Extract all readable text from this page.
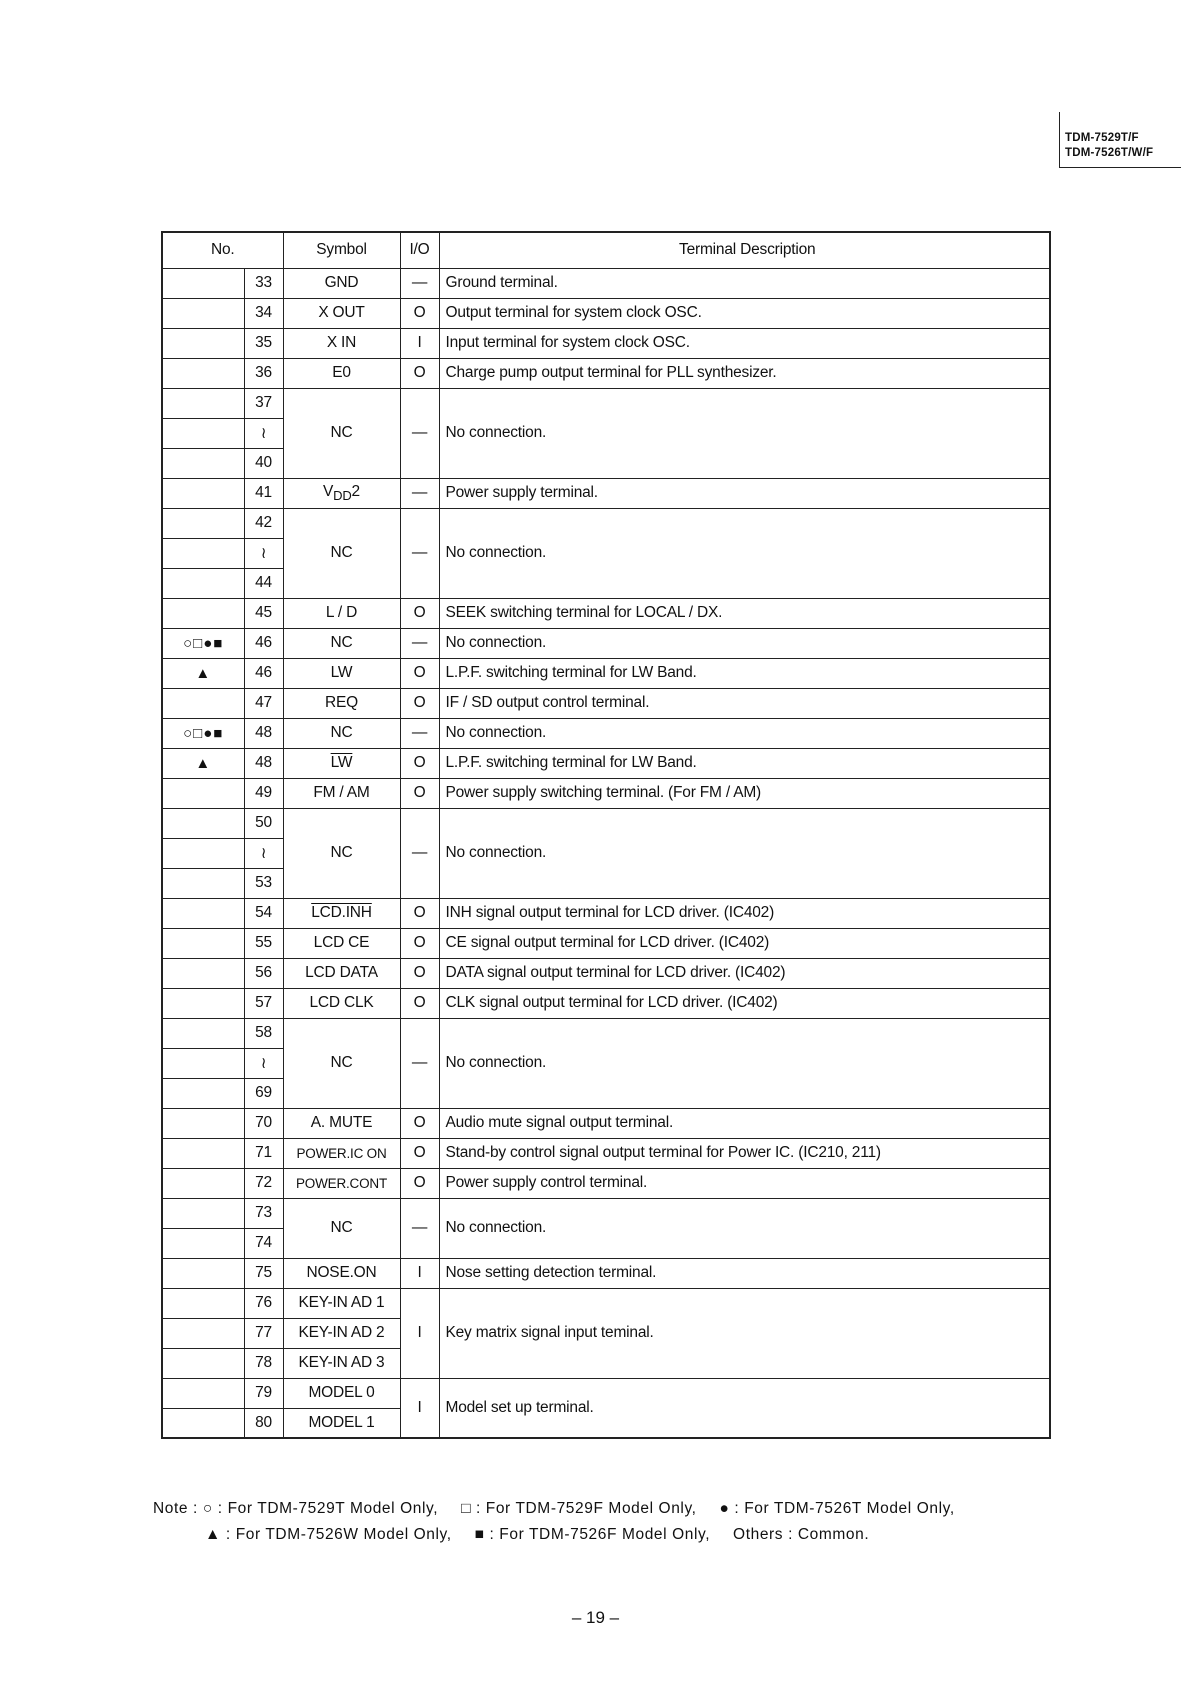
TDM-7529T/F
TDM-7526T/W/F
No.		Symbol	I/O	Terminal Description
	33	GND	—	Ground terminal.
	34	X OUT	O	Output terminal for system clock OSC.
	35	X IN	I	Input terminal for system clock OSC.
	36	E0	O	Charge pump output terminal for PLL synthesizer.
	37	NC	—	No connection.
	≀			
	40			
	41	$V_{DD}2$	—	Power supply terminal.
	42	NC	—	No connection.
	≀			
	44			
	45	L / D	O	SEEK switching terminal for LOCAL / DX.
○□●■	46	NC	—	No connection.
▲	46	LW	O	L.P.F. switching terminal for LW Band.
	47	REQ	O	IF / SD output control terminal.
○□●■	48	NC	—	No connection.
▲	48	$\overline{LW}$	O	L.P.F. switching terminal for LW Band.
	49	FM / AM	O	Power supply switching terminal. (For FM / AM)
	50	NC	—	No connection.
	≀			
	53			
	54	LCD.INH	O	INH signal output terminal for LCD driver. (IC402)
	55	LCD CE	O	CE signal output terminal for LCD driver. (IC402)
	56	LCD DATA	O	DATA signal output terminal for LCD driver. (IC402)
	57	LCD CLK	O	CLK signal output terminal for LCD driver. (IC402)
	58	NC	—	No connection.
	≀			
	69			
	70	A. MUTE	O	Audio mute signal output terminal.
	71	POWER.IC ON	O	Stand-by control signal output terminal for Power IC. (IC210, 211)
	72	POWER.CONT	O	Power supply control terminal.
	73	NC	—	No connection.
	74			
	75	NOSE.ON	I	Nose setting detection terminal.
	76	KEY-IN AD 1	I	Key matrix signal input teminal.
	77	KEY-IN AD 2		
	78	KEY-IN AD 3		
	79	MODEL 0	I	Model set up terminal.
	80	MODEL 1		
Note : ○ : For TDM-7529T Model Only, □ : For TDM-7529F Model Only, ● : For TDM-7526T Model Only,
▲ : For TDM-7526W Model Only, ■ : For TDM-7526F Model Only, Others : Common.
– 19 –
